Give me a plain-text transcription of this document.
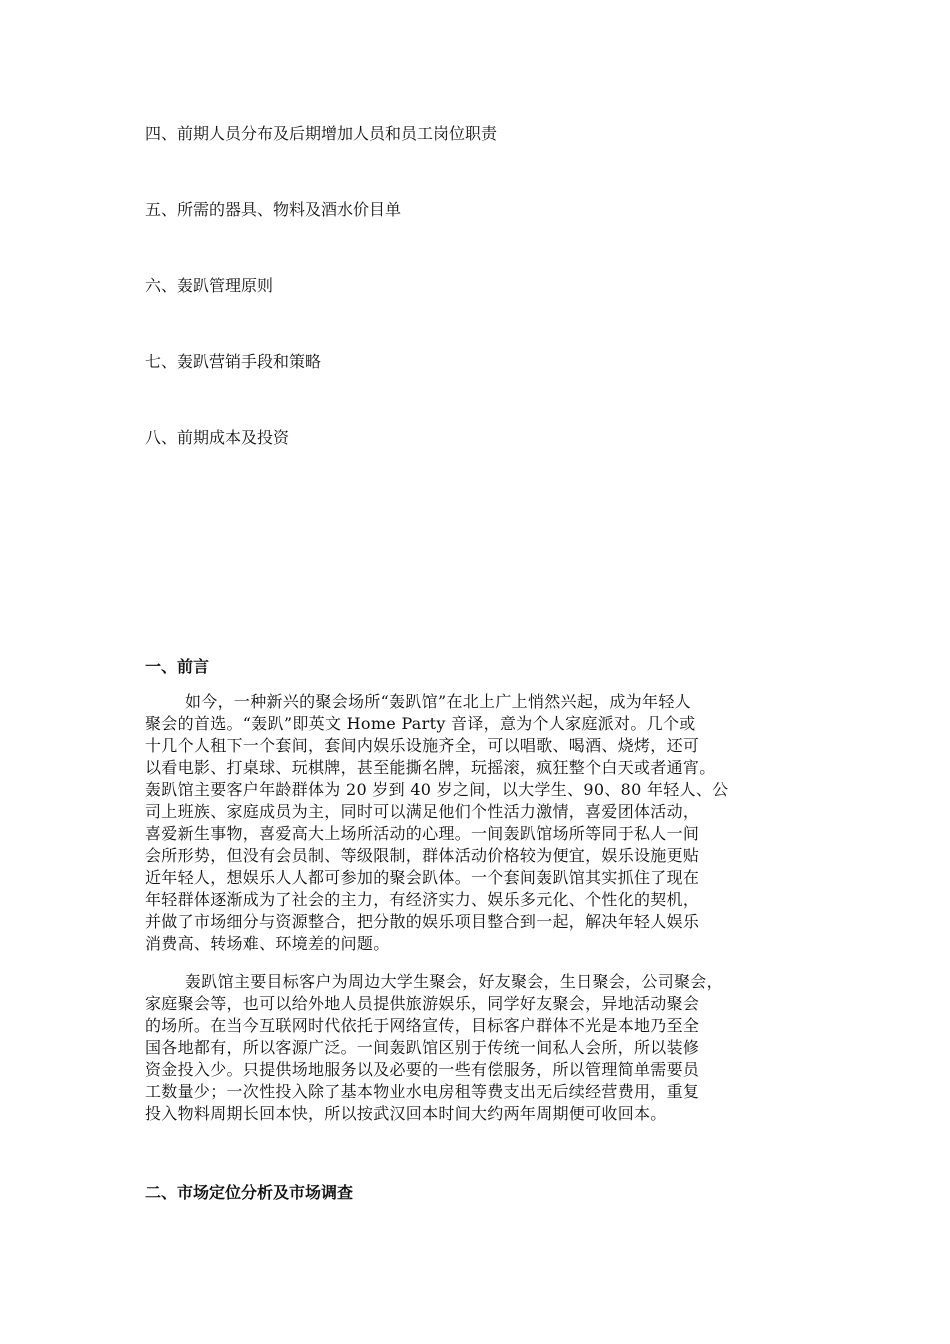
四、前期人员分布及后期增加人员和员工岗位职责
五、所需的器具、物料及酒水价目单
六、轰趴管理原则
七、轰趴营销手段和策略
八、前期成本及投资
一、前言
如今，一种新兴的聚会场所“轰趴馆”在北上广上悄然兴起，成为年轻人
聚会的首选。“轰趴”即英文 Home Party 音译，意为个人家庭派对。几个或
十几个人租下一个套间，套间内娱乐设施齐全，可以唱歌、喝酒、烧烤，还可
以看电影、打桌球、玩棋牌，甚至能撕名牌，玩摇滚，疯狂整个白天或者通宵。
轰趴馆主要客户年龄群体为 20 岁到 40 岁之间，以大学生、90、80 年轻人、公
司上班族、家庭成员为主，同时可以满足他们个性活力激情，喜爱团体活动，
喜爱新生事物，喜爱高大上场所活动的心理。一间轰趴馆场所等同于私人一间
会所形势，但没有会员制、等级限制，群体活动价格较为便宜，娱乐设施更贴
近年轻人，想娱乐人人都可参加的聚会趴体。一个套间轰趴馆其实抓住了现在
年轻群体逐渐成为了社会的主力，有经济实力、娱乐多元化、个性化的契机，
并做了市场细分与资源整合，把分散的娱乐项目整合到一起，解决年轻人娱乐
消费高、转场难、环境差的问题。
轰趴馆主要目标客户为周边大学生聚会，好友聚会，生日聚会，公司聚会，
家庭聚会等，也可以给外地人员提供旅游娱乐，同学好友聚会，异地活动聚会
的场所。在当今互联网时代依托于网络宣传，目标客户群体不光是本地乃至全
国各地都有，所以客源广泛。一间轰趴馆区别于传统一间私人会所，所以装修
资金投入少。只提供场地服务以及必要的一些有偿服务，所以管理简单需要员
工数量少；一次性投入除了基本物业水电房租等费支出无后续经营费用，重复
投入物料周期长回本快，所以按武汉回本时间大约两年周期便可收回本。
二、市场定位分析及市场调查
